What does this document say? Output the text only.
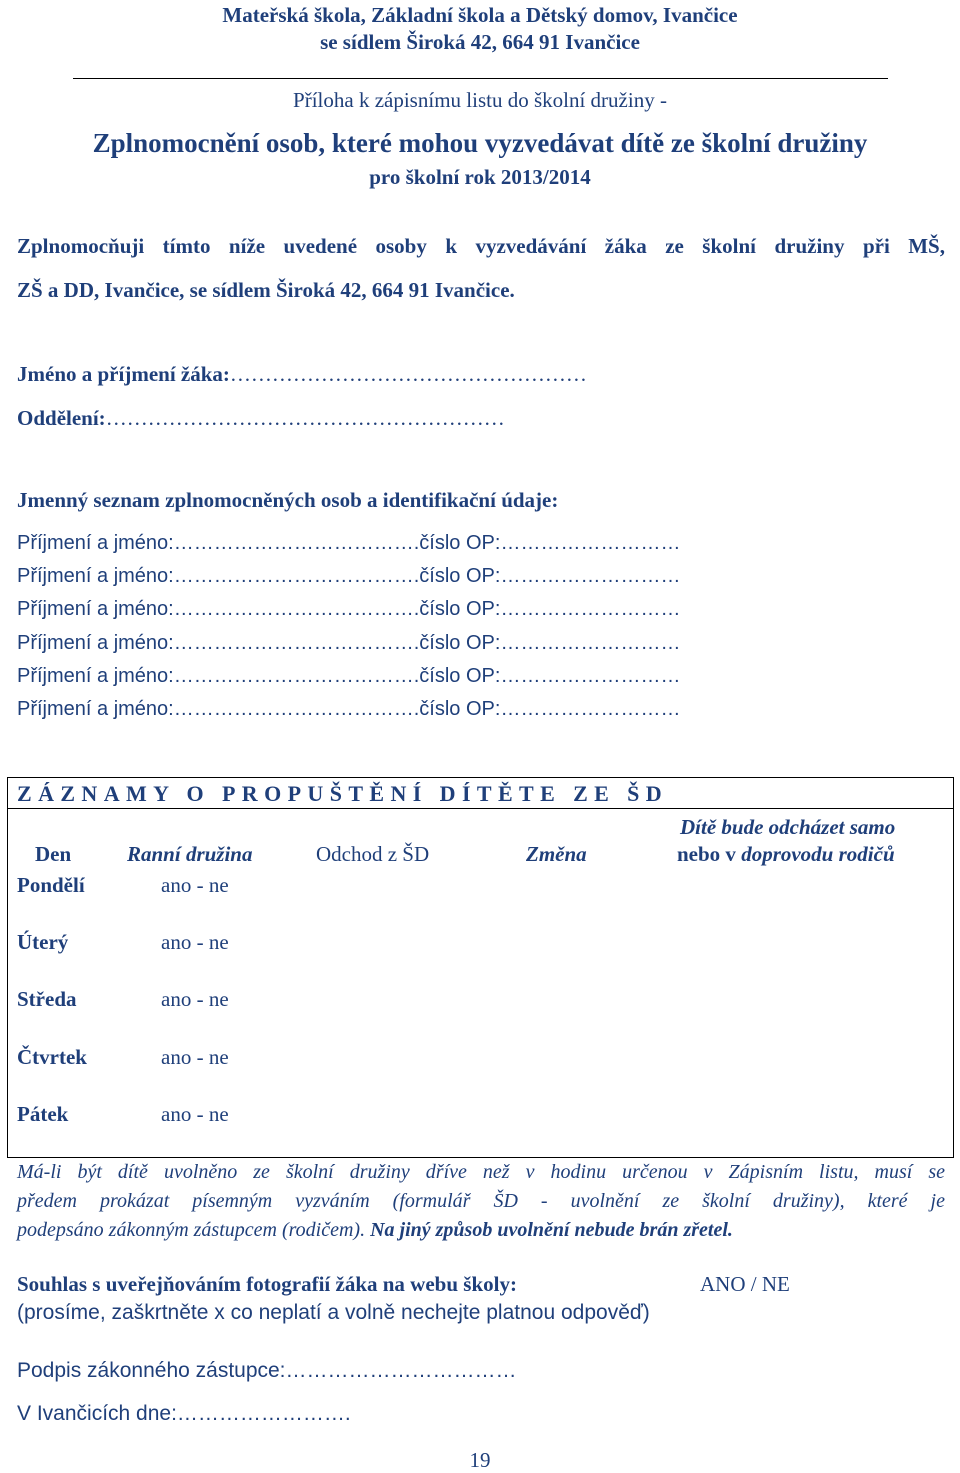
Mateřská škola, Základní škola a Dětský domov, Ivančice
se sídlem Široká 42, 664 91 Ivančice
Příloha k zápisnímu listu do školní družiny -
Zplnomocnění osob, které mohou vyzvedávat dítě ze školní družiny
pro školní rok 2013/2014
Zplnomocňuji tímto níže uvedené osoby k vyzvedávání žáka ze školní družiny při MŠ,
ZŠ a DD, Ivančice, se sídlem Široká 42, 664 91 Ivančice.
Jméno a příjmení žáka:……………………………………………
Oddělení:…………………………………………………
Jmenný seznam zplnomocněných osob a identifikační údaje:
Příjmení a jméno:……………………………….číslo OP:………………………
Příjmení a jméno:……………………………….číslo OP:………………………
Příjmení a jméno:……………………………….číslo OP:………………………
Příjmení a jméno:……………………………….číslo OP:………………………
Příjmení a jméno:……………………………….číslo OP:………………………
Příjmení a jméno:……………………………….číslo OP:………………………
ZÁZNAMY O PROPUŠTĚNÍ DÍTĚTE ZE ŠD
Den	Ranní družina	Odchod z ŠD	Změna
Dítě bude odcházet samo
nebo v doprovodu rodičů
Pondělí	ano - ne
Úterý	ano - ne
Středa	ano - ne
Čtvrtek	ano - ne
Pátek	ano - ne
Má-li být dítě uvolněno ze školní družiny dříve než v hodinu určenou v Zápisním listu, musí se
předem prokázat písemným vyzváním (formulář ŠD - uvolnění ze školní družiny), které je
podepsáno zákonným zástupcem (rodičem). Na jiný způsob uvolnění nebude brán zřetel.
Souhlas s uveřejňováním fotografií žáka na webu školy:	ANO / NE
(prosíme, zaškrtněte x co neplatí a volně nechejte platnou odpověď)
Podpis zákonného zástupce:……………………………
V Ivančicích dne:…………………….
19
